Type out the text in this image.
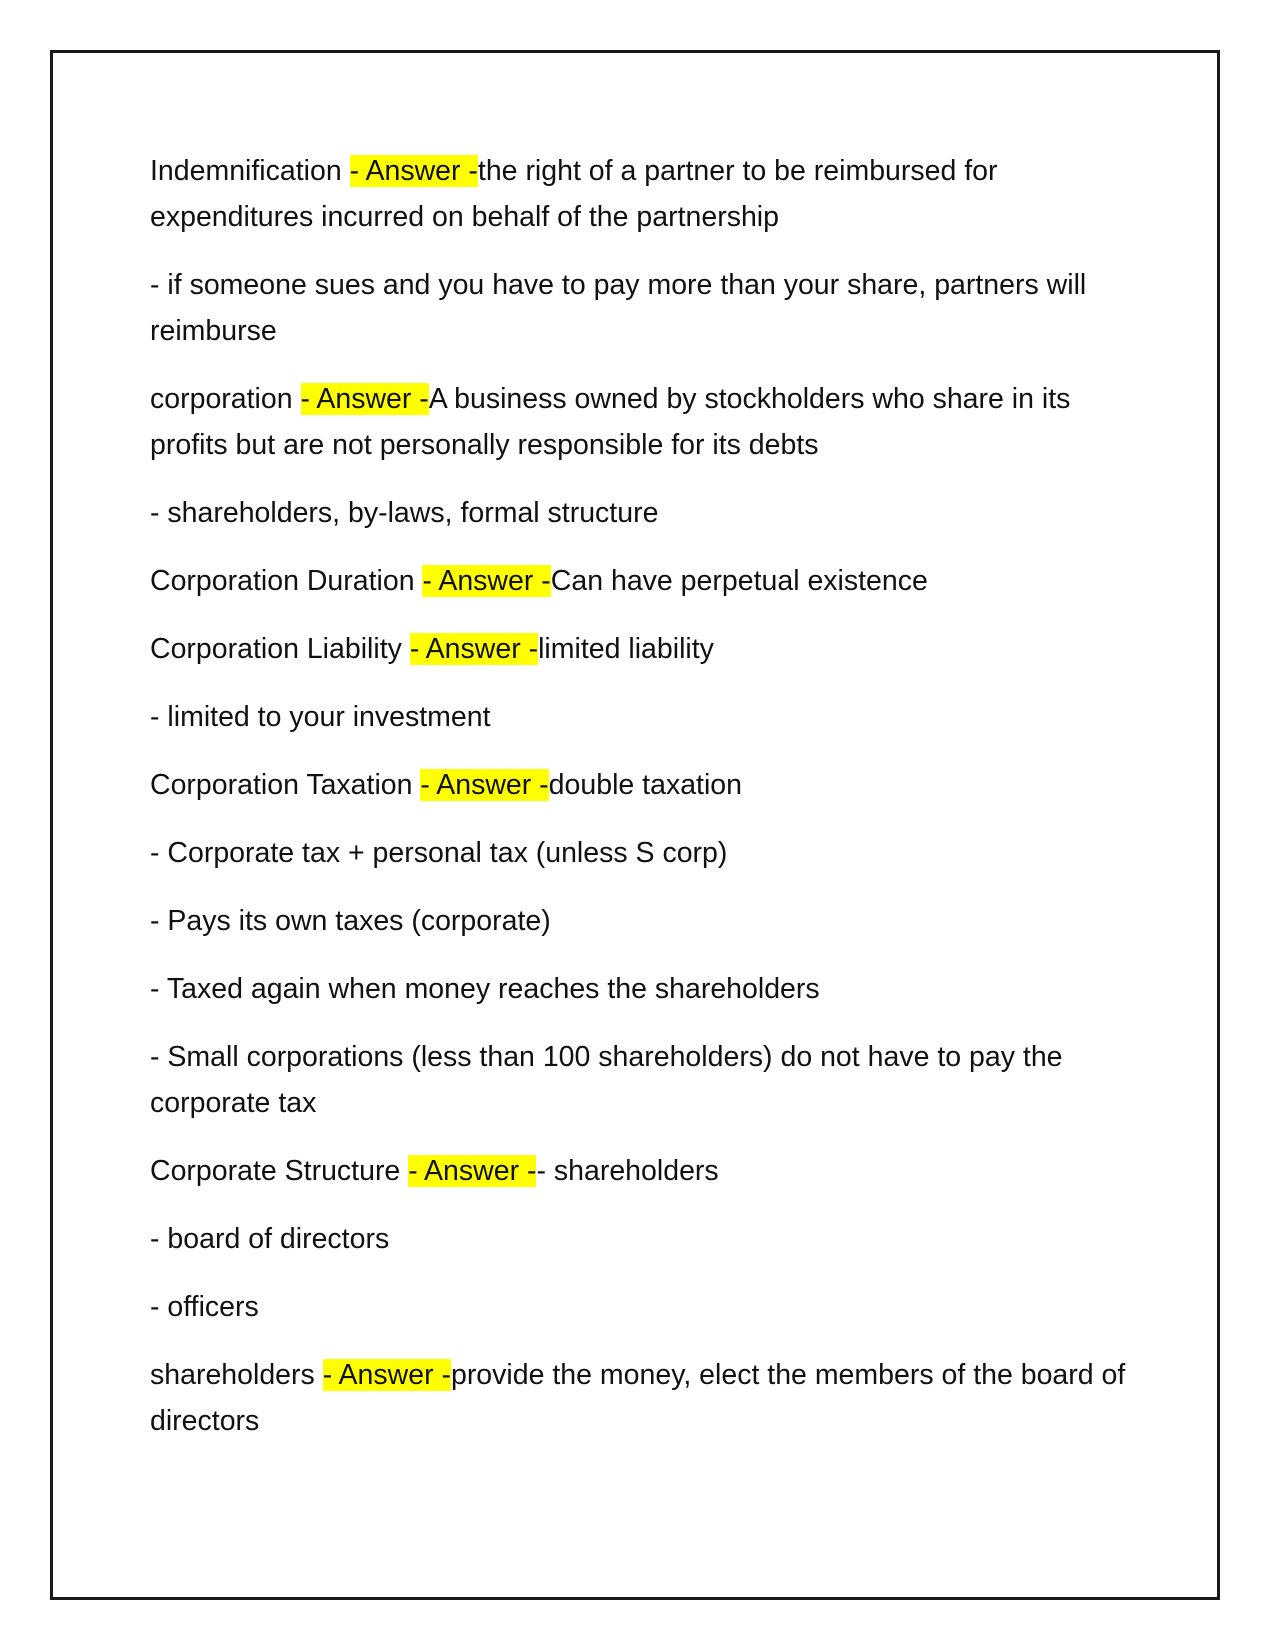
Indemnification - Answer -the right of a partner to be reimbursed for expenditures incurred on behalf of the partnership

- if someone sues and you have to pay more than your share, partners will reimburse

corporation - Answer -A business owned by stockholders who share in its profits but are not personally responsible for its debts

- shareholders, by-laws, formal structure

Corporation Duration - Answer -Can have perpetual existence

Corporation Liability - Answer -limited liability

- limited to your investment

Corporation Taxation - Answer -double taxation

- Corporate tax + personal tax (unless S corp)

- Pays its own taxes (corporate)

- Taxed again when money reaches the shareholders

- Small corporations (less than 100 shareholders) do not have to pay the corporate tax

Corporate Structure - Answer -- shareholders

- board of directors

- officers

shareholders - Answer -provide the money, elect the members of the board of directors
